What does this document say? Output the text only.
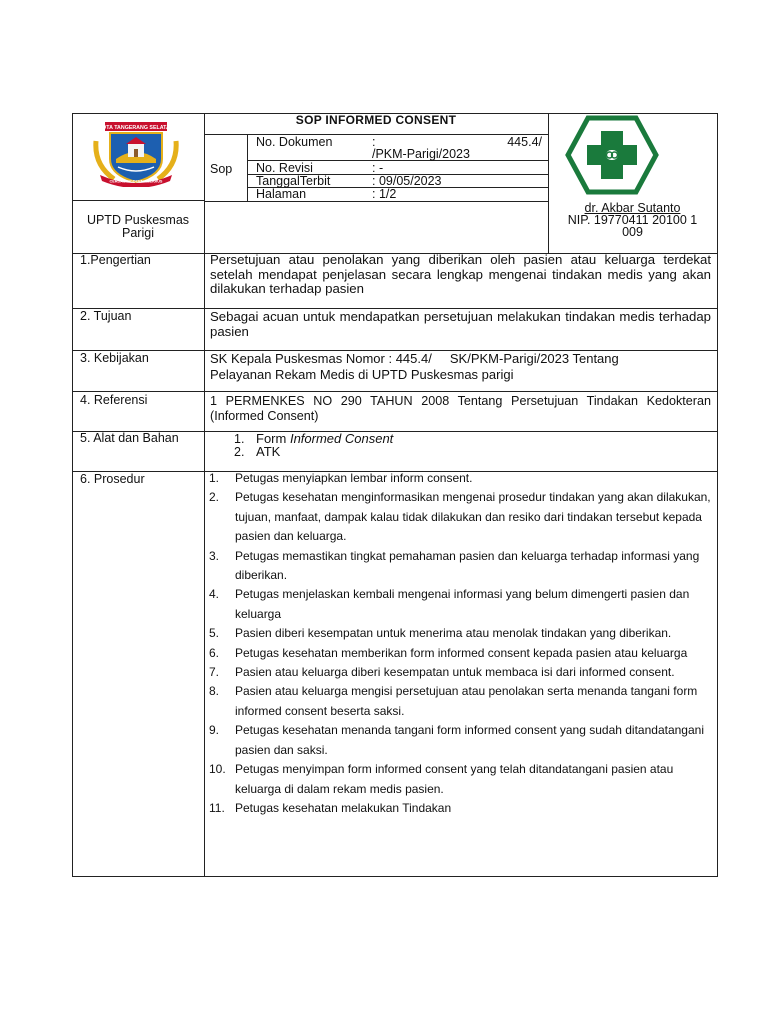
KOTA TANGERANG SELATAN
CERDAS MODERN RELIGIUS
SOP INFORMED CONSENT
Sop
No. Dokumen	:	445.4/
/PKM-Parigi/2023
No. Revisi	: -
TanggalTerbit	: 09/05/2023
Halaman	: 1/2
UPTD Puskesmas
Parigi
dr. Akbar Sutanto
NIP. 19770411 20100 1
009
1.Pengertian	Persetujuan atau penolakan yang diberikan oleh pasien atau keluarga terdekat setelah mendapat penjelasan secara lengkap mengenai tindakan medis yang akan dilakukan terhadap pasien
2. Tujuan	Sebagai acuan untuk mendapatkan persetujuan melakukan tindakan medis terhadap pasien
3. Kebijakan	SK Kepala Puskesmas Nomor : 445.4/     SK/PKM-Parigi/2023 Tentang
Pelayanan Rekam Medis di UPTD Puskesmas parigi
4. Referensi	1 PERMENKES NO 290 TAHUN 2008 Tentang Persetujuan Tindakan Kedokteran (Informed Consent)
5. Alat dan Bahan	1. Form Informed Consent
2. ATK
6. Prosedur	1. Petugas menyiapkan lembar inform consent.
2. Petugas kesehatan menginformasikan mengenai prosedur tindakan yang akan dilakukan, tujuan, manfaat, dampak kalau tidak dilakukan dan resiko dari tindakan tersebut kepada pasien dan keluarga.
3. Petugas memastikan tingkat pemahaman pasien dan keluarga terhadap informasi yang diberikan.
4. Petugas menjelaskan kembali mengenai informasi yang belum dimengerti pasien dan keluarga
5. Pasien diberi kesempatan untuk menerima atau menolak tindakan yang diberikan.
6. Petugas kesehatan memberikan form informed consent kepada pasien atau keluarga
7. Pasien atau keluarga diberi kesempatan untuk membaca isi dari informed consent.
8. Pasien atau keluarga mengisi persetujuan atau penolakan serta menanda tangani form informed consent beserta saksi.
9. Petugas kesehatan menanda tangani form informed consent yang sudah ditandatangani pasien dan saksi.
10. Petugas menyimpan form informed consent yang telah ditandatangani pasien atau keluarga di dalam rekam medis pasien.
11. Petugas kesehatan melakukan Tindakan
